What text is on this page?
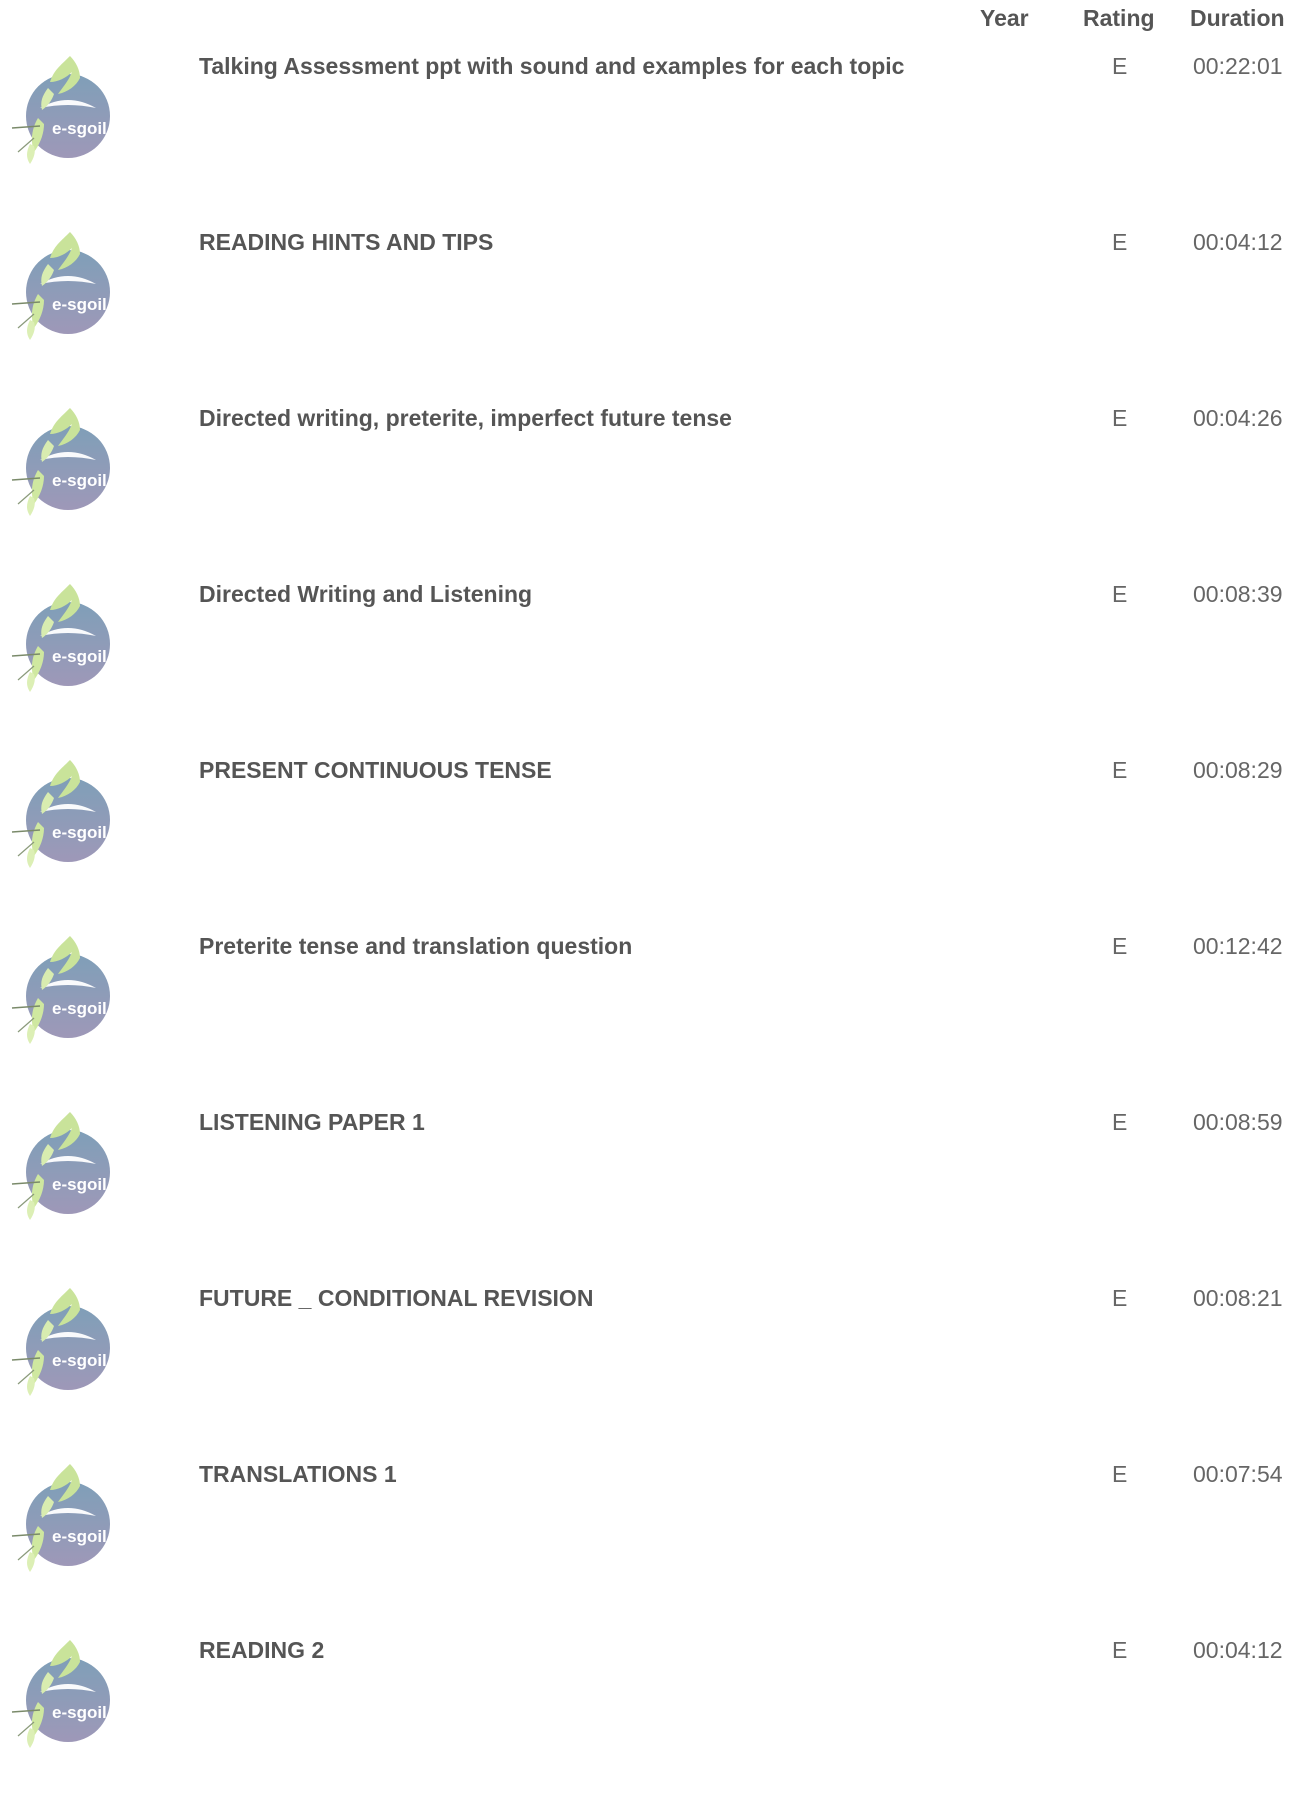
Year Rating Duration
e-sgoil
Talking Assessment ppt with sound and examples for each topic	E	00:22:01
e-sgoil
READING HINTS AND TIPS	E	00:04:12
e-sgoil
Directed writing, preterite, imperfect future tense	E	00:04:26
e-sgoil
Directed Writing and Listening	E	00:08:39
e-sgoil
PRESENT CONTINUOUS TENSE	E	00:08:29
e-sgoil
Preterite tense and translation question	E	00:12:42
e-sgoil
LISTENING PAPER 1	E	00:08:59
e-sgoil
FUTURE _ CONDITIONAL REVISION	E	00:08:21
e-sgoil
TRANSLATIONS 1	E	00:07:54
e-sgoil
READING 2	E	00:04:12
